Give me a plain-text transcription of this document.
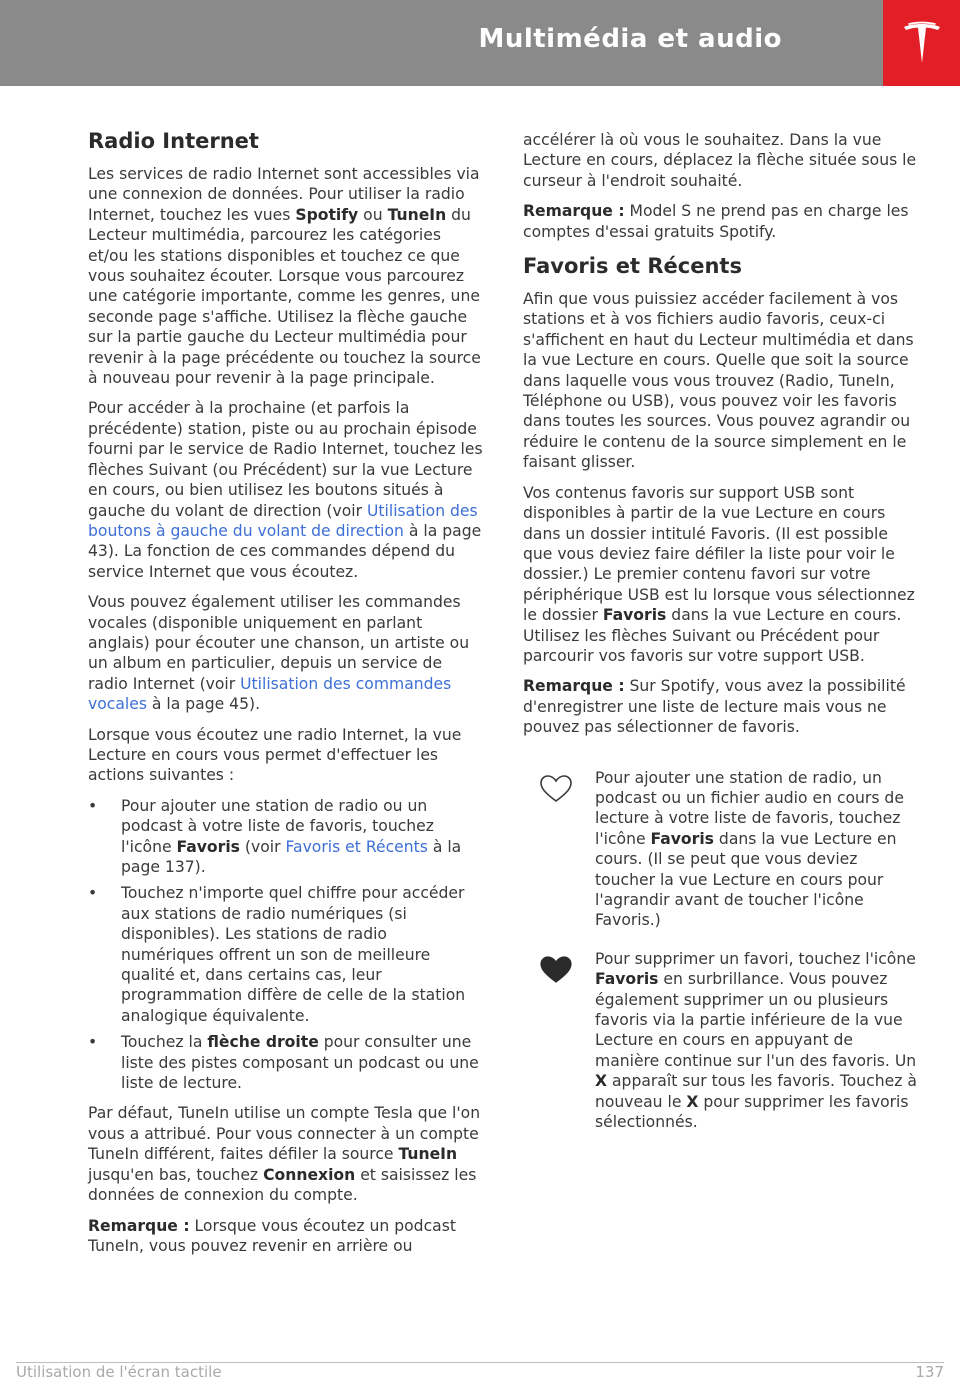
Multimédia et audio
Radio Internet

Les services de radio Internet sont accessibles via une connexion de données. Pour utiliser la radio Internet, touchez les vues Spotify ou TuneIn du Lecteur multimédia, parcourez les catégories et/ou les stations disponibles et touchez ce que vous souhaitez écouter. Lorsque vous parcourez une catégorie importante, comme les genres, une seconde page s'affiche. Utilisez la flèche gauche sur la partie gauche du Lecteur multimédia pour revenir à la page précédente ou touchez la source à nouveau pour revenir à la page principale.

Pour accéder à la prochaine (et parfois la précédente) station, piste ou au prochain épisode fourni par le service de Radio Internet, touchez les flèches Suivant (ou Précédent) sur la vue Lecture en cours, ou bien utilisez les boutons situés à gauche du volant de direction (voir Utilisation des boutons à gauche du volant de direction à la page 43). La fonction de ces commandes dépend du service Internet que vous écoutez.

Vous pouvez également utiliser les commandes vocales (disponible uniquement en parlant anglais) pour écouter une chanson, un artiste ou un album en particulier, depuis un service de radio Internet (voir Utilisation des commandes vocales à la page 45).

Lorsque vous écoutez une radio Internet, la vue Lecture en cours vous permet d'effectuer les actions suivantes :

• Pour ajouter une station de radio ou un podcast à votre liste de favoris, touchez l'icône Favoris (voir Favoris et Récents à la page 137).
• Touchez n'importe quel chiffre pour accéder aux stations de radio numériques (si disponibles). Les stations de radio numériques offrent un son de meilleure qualité et, dans certains cas, leur programmation diffère de celle de la station analogique équivalente.
• Touchez la flèche droite pour consulter une liste des pistes composant un podcast ou une liste de lecture.

Par défaut, TuneIn utilise un compte Tesla que l'on vous a attribué. Pour vous connecter à un compte TuneIn différent, faites défiler la source TuneIn jusqu'en bas, touchez Connexion et saisissez les données de connexion du compte.

Remarque : Lorsque vous écoutez un podcast TuneIn, vous pouvez revenir en arrière ou

accélérer là où vous le souhaitez. Dans la vue Lecture en cours, déplacez la flèche située sous le curseur à l'endroit souhaité.

Remarque : Model S ne prend pas en charge les comptes d'essai gratuits Spotify.

Favoris et Récents

Afin que vous puissiez accéder facilement à vos stations et à vos fichiers audio favoris, ceux-ci s'affichent en haut du Lecteur multimédia et dans la vue Lecture en cours. Quelle que soit la source dans laquelle vous vous trouvez (Radio, TuneIn, Téléphone ou USB), vous pouvez voir les favoris dans toutes les sources. Vous pouvez agrandir ou réduire le contenu de la source simplement en le faisant glisser.

Vos contenus favoris sur support USB sont disponibles à partir de la vue Lecture en cours dans un dossier intitulé Favoris. (Il est possible que vous deviez faire défiler la liste pour voir le dossier.) Le premier contenu favori sur votre périphérique USB est lu lorsque vous sélectionnez le dossier Favoris dans la vue Lecture en cours. Utilisez les flèches Suivant ou Précédent pour parcourir vos favoris sur votre support USB.

Remarque : Sur Spotify, vous avez la possibilité d'enregistrer une liste de lecture mais vous ne pouvez pas sélectionner de favoris.

Pour ajouter une station de radio, un podcast ou un fichier audio en cours de lecture à votre liste de favoris, touchez l'icône Favoris dans la vue Lecture en cours. (Il se peut que vous deviez toucher la vue Lecture en cours pour l'agrandir avant de toucher l'icône Favoris.)
Pour supprimer un favori, touchez l'icône Favoris en surbrillance. Vous pouvez également supprimer un ou plusieurs favoris via la partie inférieure de la vue Lecture en cours en appuyant de manière continue sur l'un des favoris. Un X apparaît sur tous les favoris. Touchez à nouveau le X pour supprimer les favoris sélectionnés.
Utilisation de l'écran tactile	137
